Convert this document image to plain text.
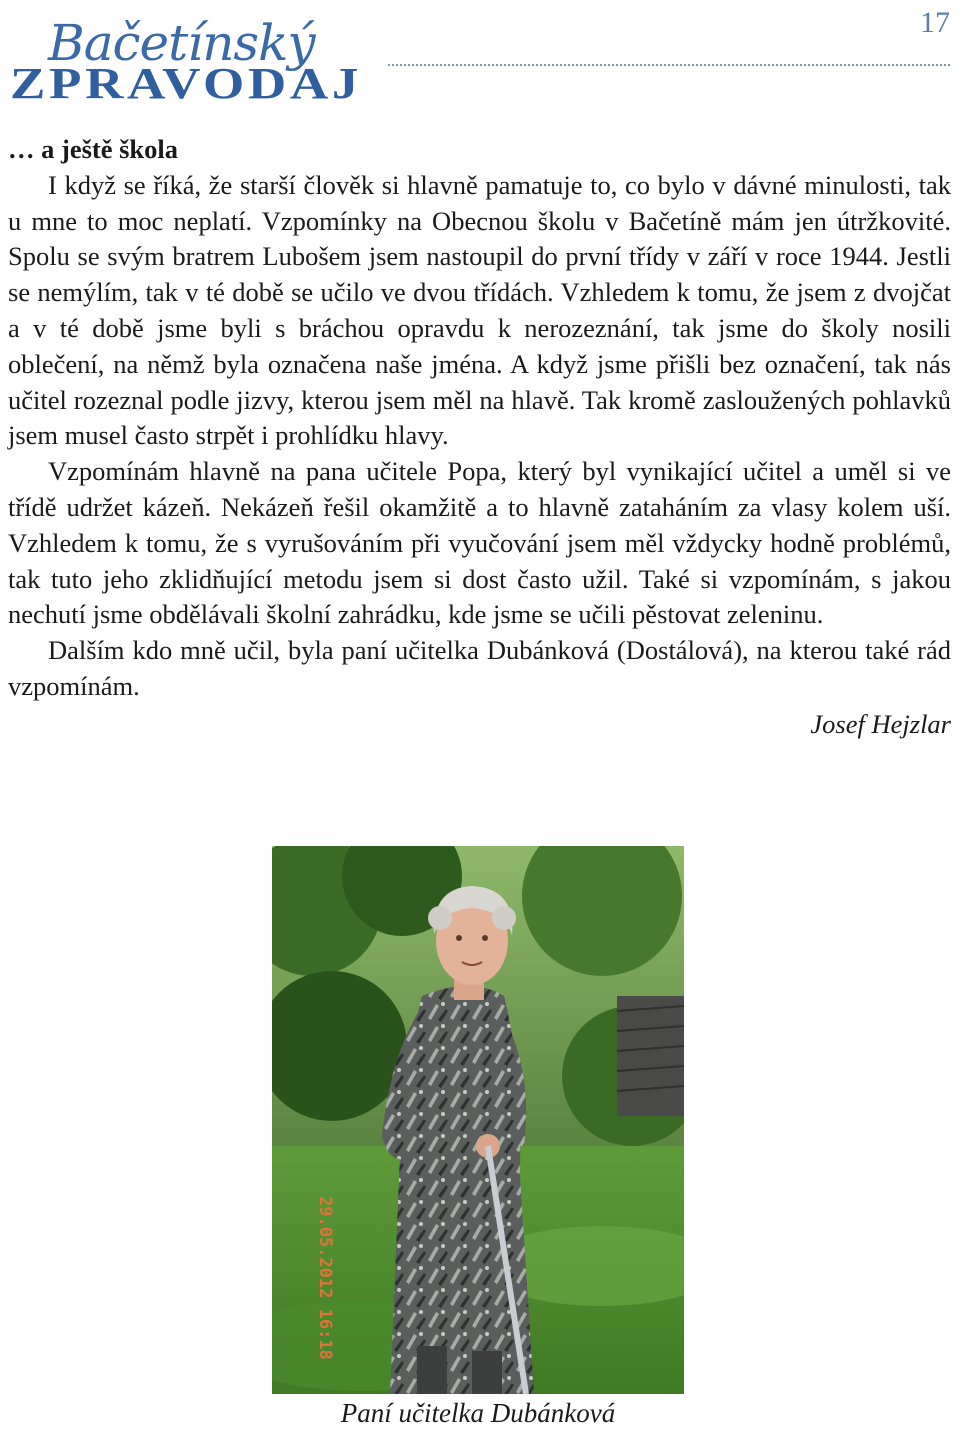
Bačetínský
ZPRAVODAJ
17

… a ještě škola

I když se říká, že starší člověk si hlavně pamatuje to, co bylo v dávné minulosti, tak u mne to moc neplatí. Vzpomínky na Obecnou školu v Bačetíně mám jen útržkovité. Spolu se svým bratrem Lubošem jsem nastoupil do první třídy v září v roce 1944. Jestli se nemýlím, tak v té době se učilo ve dvou třídách. Vzhledem k tomu, že jsem z dvojčat a v té době jsme byli s bráchou opravdu k nerozeznání, tak jsme do školy nosili oblečení, na němž byla označena naše jména. A když jsme přišli bez označení, tak nás učitel rozeznal podle jizvy, kterou jsem měl na hlavě. Tak kromě zasloužených pohlavků jsem musel často strpět i prohlídku hlavy.

Vzpomínám hlavně na pana učitele Popa, který byl vynikající učitel a uměl si ve třídě udržet kázeň. Nekázeň řešil okamžitě a to hlavně zataháním za vlasy kolem uší. Vzhledem k tomu, že s vyrušováním při vyučování jsem měl vždycky hodně problémů, tak tuto jeho zklidňující metodu jsem si dost často užil. Také si vzpomínám, s jakou nechutí jsme obdělávali školní zahrádku, kde jsme se učili pěstovat zeleninu.

Dalším kdo mně učil, byla paní učitelka Dubánková (Dostálová), na kterou také rád vzpomínám.

Josef Hejzlar

29.05.2012 16:18
Paní učitelka Dubánková
